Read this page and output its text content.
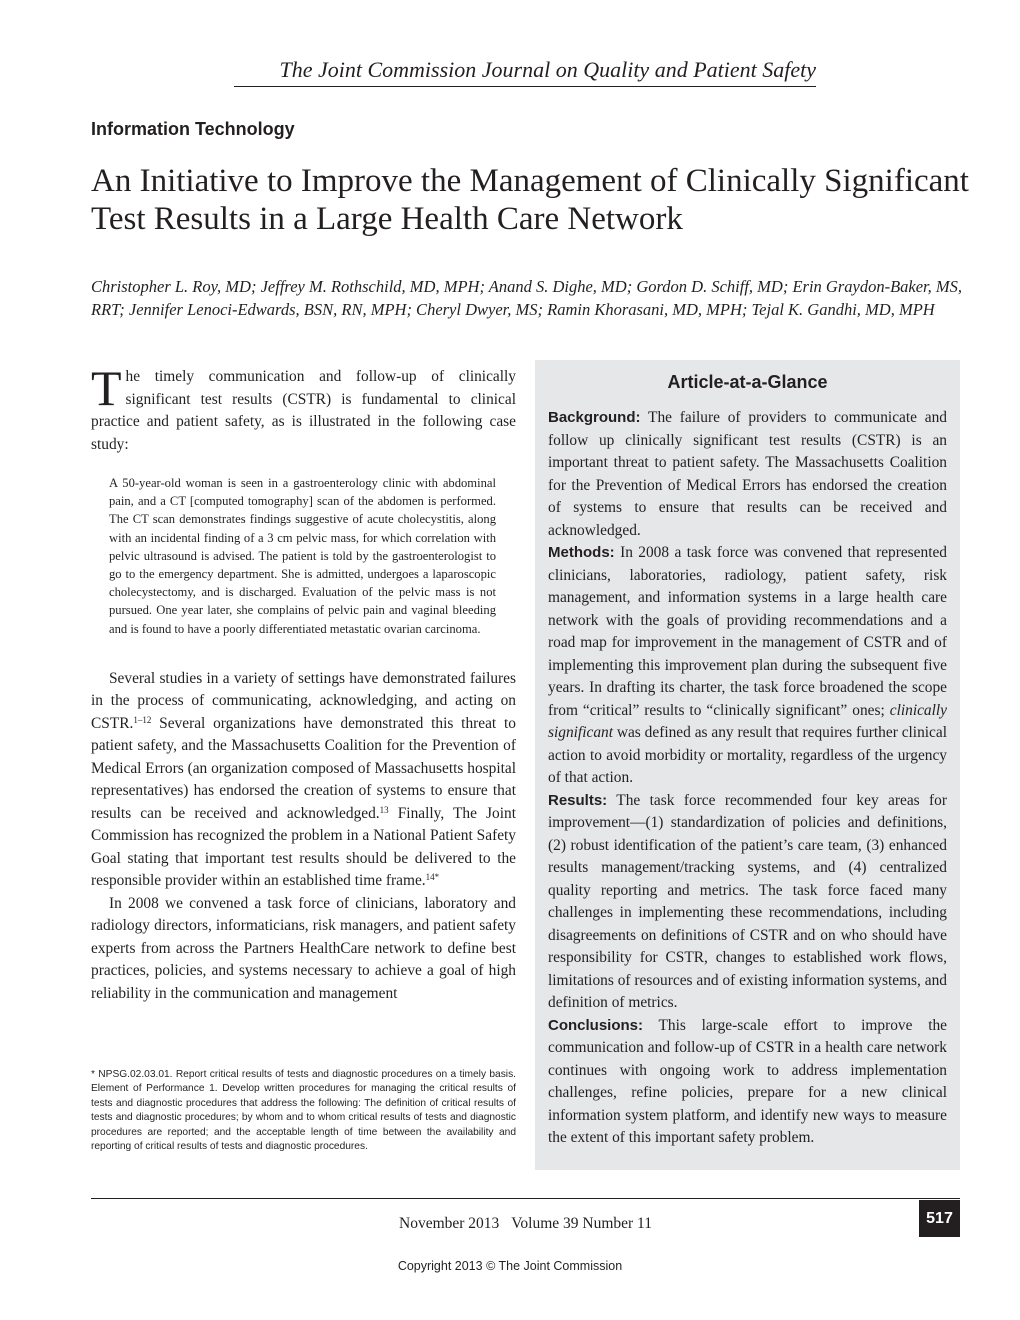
The Joint Commission Journal on Quality and Patient Safety
Information Technology
An Initiative to Improve the Management of Clinically Significant Test Results in a Large Health Care Network
Christopher L. Roy, MD; Jeffrey M. Rothschild, MD, MPH; Anand S. Dighe, MD; Gordon D. Schiff, MD; Erin Graydon-Baker, MS, RRT; Jennifer Lenoci-Edwards, BSN, RN, MPH; Cheryl Dwyer, MS; Ramin Khorasani, MD, MPH; Tejal K. Gandhi, MD, MPH

The timely communication and follow-up of clinically significant test results (CSTR) is fundamental to clinical practice and patient safety, as is illustrated in the following case study:

A 50-year-old woman is seen in a gastroenterology clinic with abdominal pain, and a CT [computed tomography] scan of the abdomen is performed. The CT scan demonstrates findings suggestive of acute cholecystitis, along with an incidental finding of a 3 cm pelvic mass, for which correlation with pelvic ultrasound is advised. The patient is told by the gastroenterologist to go to the emergency department. She is admitted, undergoes a laparoscopic cholecystectomy, and is discharged. Evaluation of the pelvic mass is not pursued. One year later, she complains of pelvic pain and vaginal bleeding and is found to have a poorly differentiated metastatic ovarian carcinoma.

Several studies in a variety of settings have demonstrated failures in the process of communicating, acknowledging, and acting on CSTR.$^{1-12}$ Several organizations have demonstrated this threat to patient safety, and the Massachusetts Coalition for the Prevention of Medical Errors (an organization composed of Massachusetts hospital representatives) has endorsed the creation of systems to ensure that results can be received and acknowledged.$^{13}$ Finally, The Joint Commission has recognized the problem in a National Patient Safety Goal stating that important test results should be delivered to the responsible provider within an established time frame.$^{14*}$

In 2008 we convened a task force of clinicians, laboratory and radiology directors, informaticians, risk managers, and patient safety experts from across the Partners HealthCare network to define best practices, policies, and systems necessary to achieve a goal of high reliability in the communication and management

* NPSG.02.03.01. Report critical results of tests and diagnostic procedures on a timely basis. Element of Performance 1. Develop written procedures for managing the critical results of tests and diagnostic procedures that address the following: The definition of critical results of tests and diagnostic procedures; by whom and to whom critical results of tests and diagnostic procedures are reported; and the acceptable length of time between the availability and reporting of critical results of tests and diagnostic procedures.

Article-at-a-Glance

Background: The failure of providers to communicate and follow up clinically significant test results (CSTR) is an important threat to patient safety. The Massachusetts Coalition for the Prevention of Medical Errors has endorsed the creation of systems to ensure that results can be received and acknowledged.

Methods: In 2008 a task force was convened that represented clinicians, laboratories, radiology, patient safety, risk management, and information systems in a large health care network with the goals of providing recommendations and a road map for improvement in the management of CSTR and of implementing this improvement plan during the subsequent five years. In drafting its charter, the task force broadened the scope from “critical” results to “clinically significant” ones; clinically significant was defined as any result that requires further clinical action to avoid morbidity or mortality, regardless of the urgency of that action.

Results: The task force recommended four key areas for improvement—(1) standardization of policies and definitions, (2) robust identification of the patient’s care team, (3) enhanced results management/tracking systems, and (4) centralized quality reporting and metrics. The task force faced many challenges in implementing these recommendations, including disagreements on definitions of CSTR and on who should have responsibility for CSTR, changes to established work flows, limitations of resources and of existing information systems, and definition of metrics.

Conclusions: This large-scale effort to improve the communication and follow-up of CSTR in a health care network continues with ongoing work to address implementation challenges, refine policies, prepare for a new clinical information system platform, and identify new ways to measure the extent of this important safety problem.

November 2013 Volume 39 Number 11	517
Copyright 2013 © The Joint Commission
